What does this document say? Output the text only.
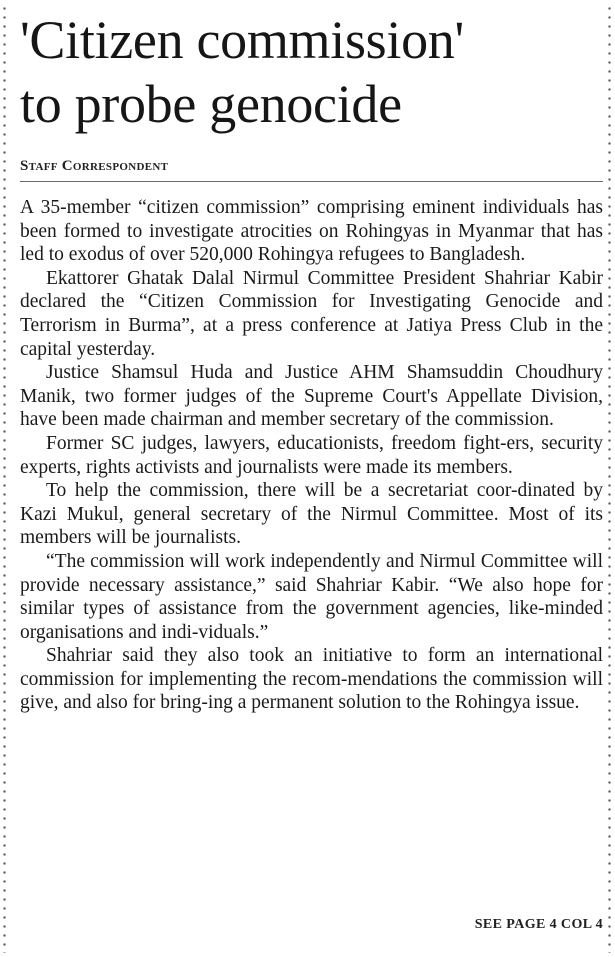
'Citizen commission'
to probe genocide
Staff Correspondent

A 35-member “citizen commission” comprising eminent individuals has been formed to investigate atrocities on Rohingyas in Myanmar that has led to exodus of over 520,000 Rohingya refugees to Bangladesh.

Ekattorer Ghatak Dalal Nirmul Committee President Shahriar Kabir declared the “Citizen Commission for Investigating Genocide and Terrorism in Burma”, at a press conference at Jatiya Press Club in the capital yesterday.

Justice Shamsul Huda and Justice AHM Shamsuddin Choudhury Manik, two former judges of the Supreme Court's Appellate Division, have been made chairman and member secretary of the commission.

Former SC judges, lawyers, educationists, freedom fight-ers, security experts, rights activists and journalists were made its members.

To help the commission, there will be a secretariat coor-dinated by Kazi Mukul, general secretary of the Nirmul Committee. Most of its members will be journalists.

“The commission will work independently and Nirmul Committee will provide necessary assistance,” said Shahriar Kabir. “We also hope for similar types of assistance from the government agencies, like-minded organisations and indi-viduals.”

Shahriar said they also took an initiative to form an international commission for implementing the recom-mendations the commission will give, and also for bring-ing a permanent solution to the Rohingya issue.

SEE PAGE 4 COL 4
